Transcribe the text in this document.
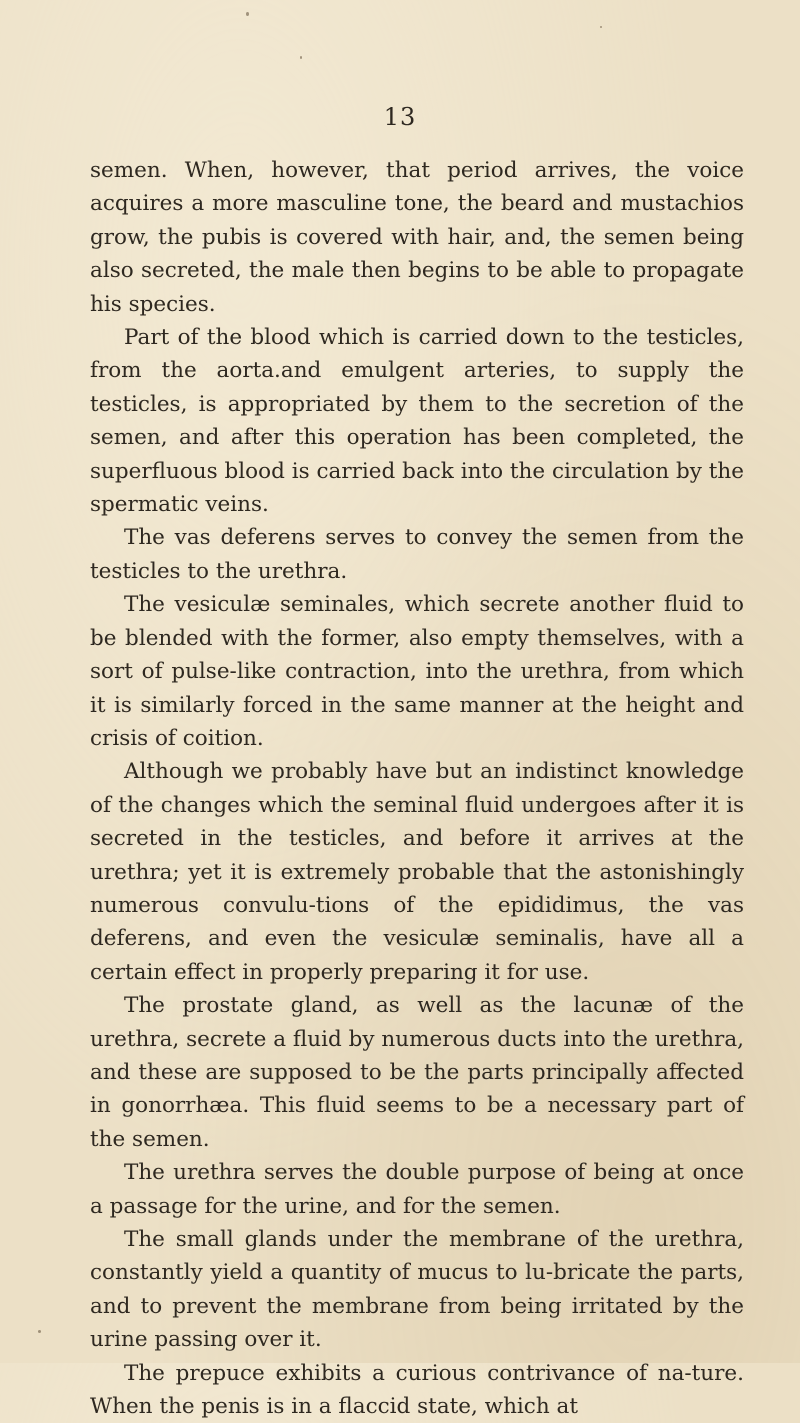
13

semen. When, however, that period arrives, the voice acquires a more masculine tone, the beard and mustachios grow, the pubis is covered with hair, and, the semen being also secreted, the male then begins to be able to propagate his species.

Part of the blood which is carried down to the testicles, from the aorta.and emulgent arteries, to supply the testicles, is appropriated by them to the secretion of the semen, and after this operation has been completed, the superfluous blood is carried back into the circulation by the spermatic veins.

The vas deferens serves to convey the semen from the testicles to the urethra.

The vesiculæ seminales, which secrete another fluid to be blended with the former, also empty themselves, with a sort of pulse-like contraction, into the urethra, from which it is similarly forced in the same manner at the height and crisis of coition.

Although we probably have but an indistinct knowledge of the changes which the seminal fluid undergoes after it is secreted in the testicles, and before it arrives at the urethra; yet it is extremely probable that the astonishingly numerous convulu-tions of the epididimus, the vas deferens, and even the vesiculæ seminalis, have all a certain effect in properly preparing it for use.

The prostate gland, as well as the lacunæ of the urethra, secrete a fluid by numerous ducts into the urethra, and these are supposed to be the parts principally affected in gonorrhæa. This fluid seems to be a necessary part of the semen.

The urethra serves the double purpose of being at once a passage for the urine, and for the semen.

The small glands under the membrane of the urethra, constantly yield a quantity of mucus to lu-bricate the parts, and to prevent the membrane from being irritated by the urine passing over it.

The prepuce exhibits a curious contrivance of na-ture. When the penis is in a flaccid state, which at
